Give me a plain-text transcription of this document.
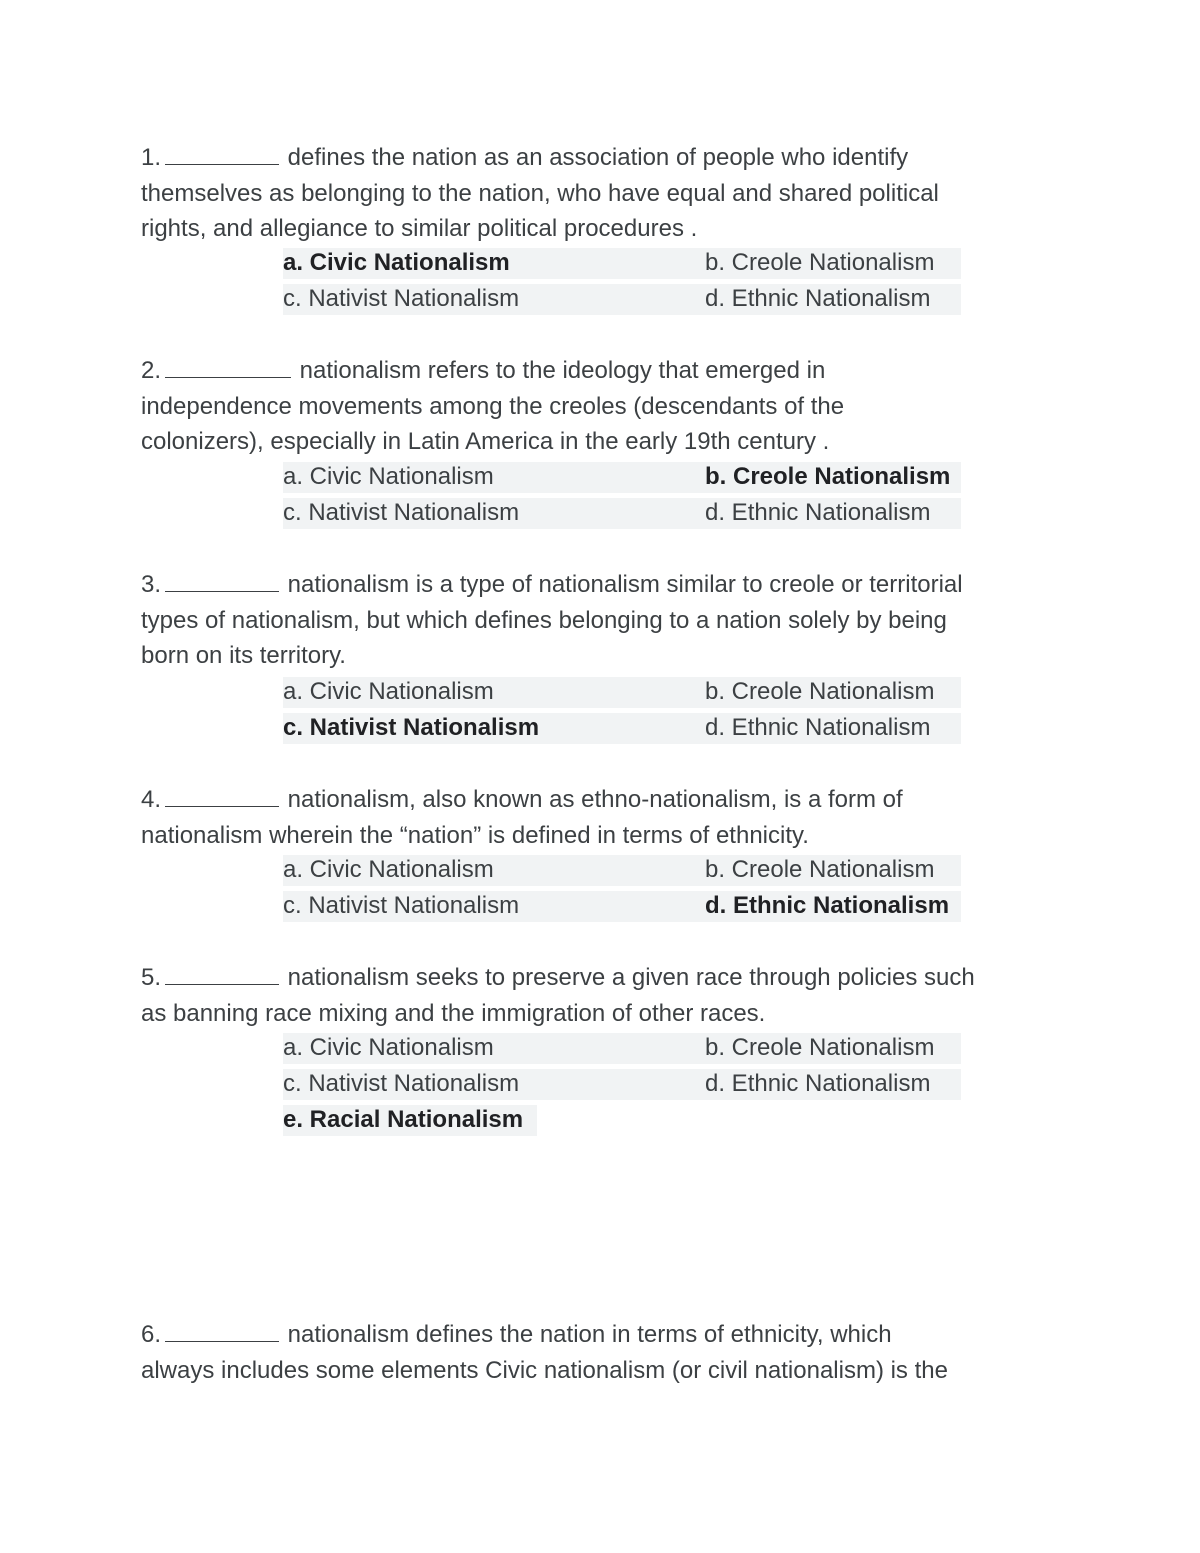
1.	defines the nation as an association of people who identify
themselves as belonging to the nation, who have equal and shared political
rights, and allegiance to similar political procedures .
a. Civic Nationalism	b. Creole Nationalism
c. Nativist Nationalism	d. Ethnic Nationalism
2.	nationalism refers to the ideology that emerged in
independence movements among the creoles (descendants of the
colonizers), especially in Latin America in the early 19th century .
a. Civic Nationalism	b. Creole Nationalism
c. Nativist Nationalism	d. Ethnic Nationalism
3.	nationalism is a type of nationalism similar to creole or territorial
types of nationalism, but which defines belonging to a nation solely by being
born on its territory.
a. Civic Nationalism	b. Creole Nationalism
c. Nativist Nationalism	d. Ethnic Nationalism
4.	nationalism, also known as ethno-nationalism, is a form of
nationalism wherein the “nation” is defined in terms of ethnicity.
a. Civic Nationalism	b. Creole Nationalism
c. Nativist Nationalism	d. Ethnic Nationalism
5.	nationalism seeks to preserve a given race through policies such
as banning race mixing and the immigration of other races.
a. Civic Nationalism	b. Creole Nationalism
c. Nativist Nationalism	d. Ethnic Nationalism
e. Racial Nationalism
6.	nationalism defines the nation in terms of ethnicity, which
always includes some elements Civic nationalism (or civil nationalism) is the
